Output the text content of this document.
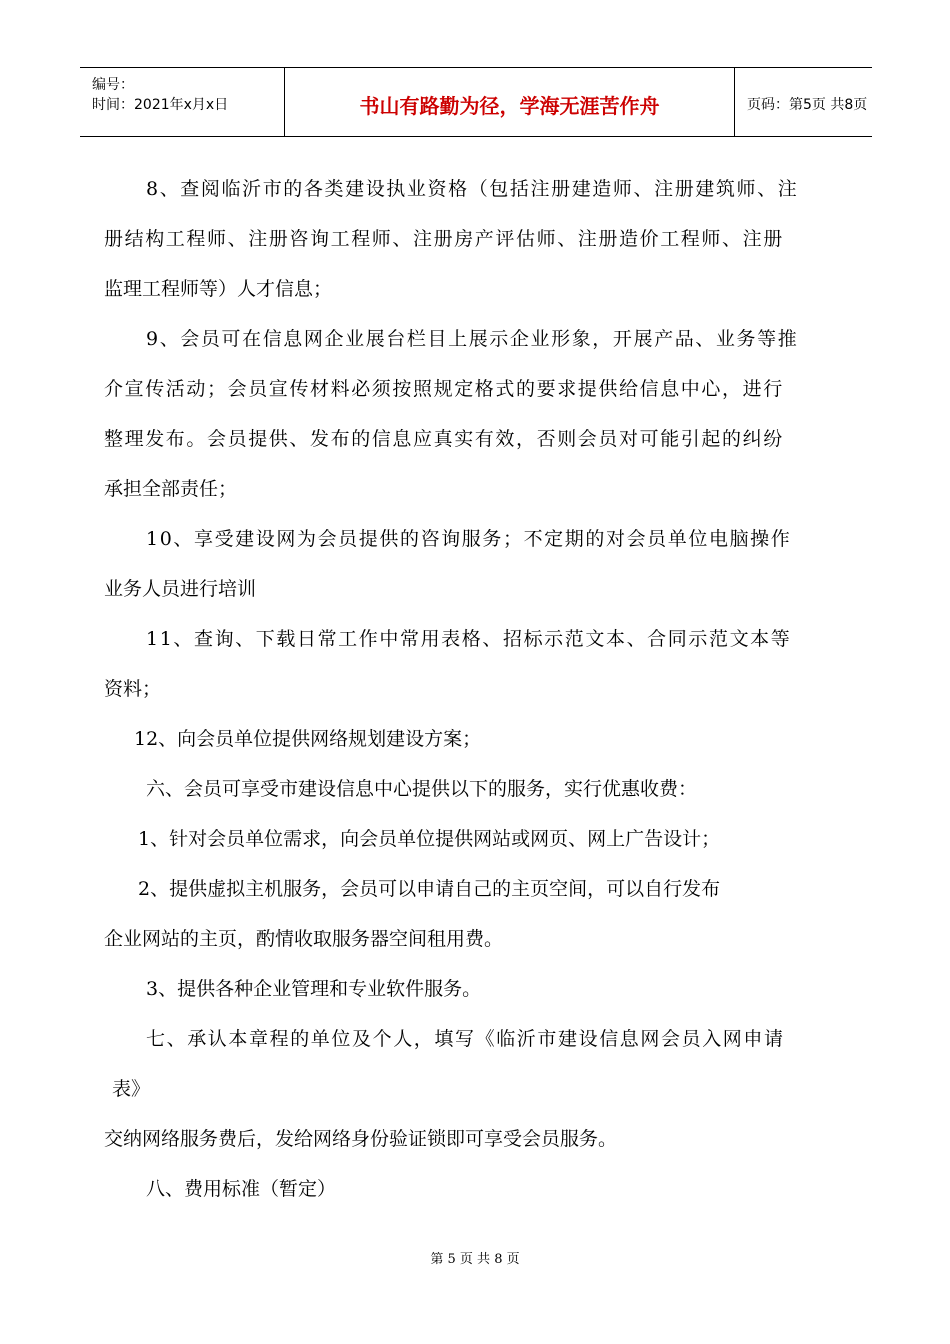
编号：
时间：2021年x月x日	书山有路勤为径，学海无涯苦作舟	页码：第5页 共8页
8、查阅临沂市的各类建设执业资格（包括注册建造师、注册建筑师、注
册结构工程师、注册咨询工程师、注册房产评估师、注册造价工程师、注册
监理工程师等）人才信息；
9、会员可在信息网企业展台栏目上展示企业形象，开展产品、业务等推
介宣传活动；会员宣传材料必须按照规定格式的要求提供给信息中心，进行
整理发布。会员提供、发布的信息应真实有效，否则会员对可能引起的纠纷
承担全部责任；
10、享受建设网为会员提供的咨询服务；不定期的对会员单位电脑操作
业务人员进行培训
11、查询、下载日常工作中常用表格、招标示范文本、合同示范文本等
资料；
12、向会员单位提供网络规划建设方案；
六、会员可享受市建设信息中心提供以下的服务，实行优惠收费：
1、针对会员单位需求，向会员单位提供网站或网页、网上广告设计；
2、提供虚拟主机服务，会员可以申请自己的主页空间，可以自行发布
企业网站的主页，酌情收取服务器空间租用费。
3、提供各种企业管理和专业软件服务。
七、承认本章程的单位及个人，填写《临沂市建设信息网会员入网申请
表》
交纳网络服务费后，发给网络身份验证锁即可享受会员服务。
八、费用标准（暂定）
第 5 页 共 8 页
